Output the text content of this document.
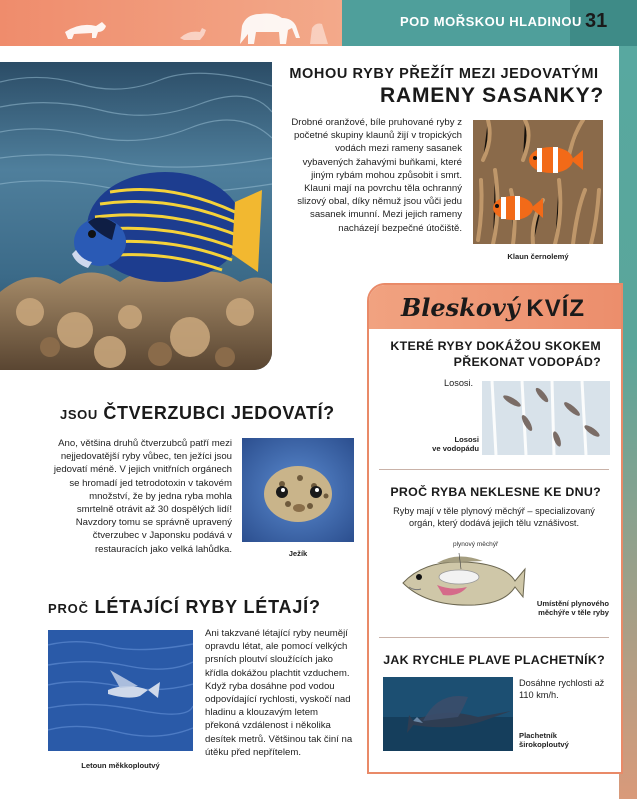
POD MOŘSKOU HLADINOU 31
MOHOU RYBY PŘEŽÍT MEZI JEDOVATÝMI
RAMENY SASANKY?
Drobné oranžové, bíle pruhované ryby z početné skupiny klaunů žijí v tropických vodách mezi rameny sasanek vybavených žahavými buňkami, které jiným rybám mohou způsobit i smrt. Klauni mají na povrchu těla ochranný slizový obal, díky němuž jsou vůči jedu sasanek imunní. Mezi jejich rameny nacházejí bezpečné útočiště.
Klaun černolemý
Bleskový KVÍZ
KTERÉ RYBY DOKÁŽOU SKOKEM
PŘEKONAT VODOPÁD?
Lososi.
Lososi
ve vodopádu
PROČ RYBA NEKLESNE KE DNU?
Ryby mají v těle plynový měchýř – specializovaný orgán, který dodává jejich tělu vznášivost.
plynový měchýř
Umístění plynového
měchýře v těle ryby
JAK RYCHLE PLAVE PLACHETNÍK?
Dosáhne rychlosti až 110 km/h.
Plachetník
širokoploutvý
JSOU ČTVERZUBCI JEDOVATÍ?
Ano, většina druhů čtverzubců patří mezi nejjedovatější ryby vůbec, ten ježíci jsou jedovatí méně. V jejich vnitřních orgánech se hromadí jed tetrodotoxin v takovém množství, že by jedna ryba mohla smrtelně otrávit až 30 dospělých lidí! Navzdory tomu se správně upravený čtverzubec v Japonsku podává v restauracích jako velká lahůdka.	Ježík
PROČ LÉTAJÍCÍ RYBY LÉTAJÍ?
Letoun měkkoploutvý
Ani takzvané létající ryby neumějí opravdu létat, ale pomocí velkých prsních ploutví sloužících jako křídla dokážou plachtit vzduchem. Když ryba dosáhne pod vodou odpovídající rychlosti, vyskočí nad hladinu a klouzavým letem překoná vzdálenost i několika desítek metrů. Většinou tak činí na útěku před nepřítelem.
